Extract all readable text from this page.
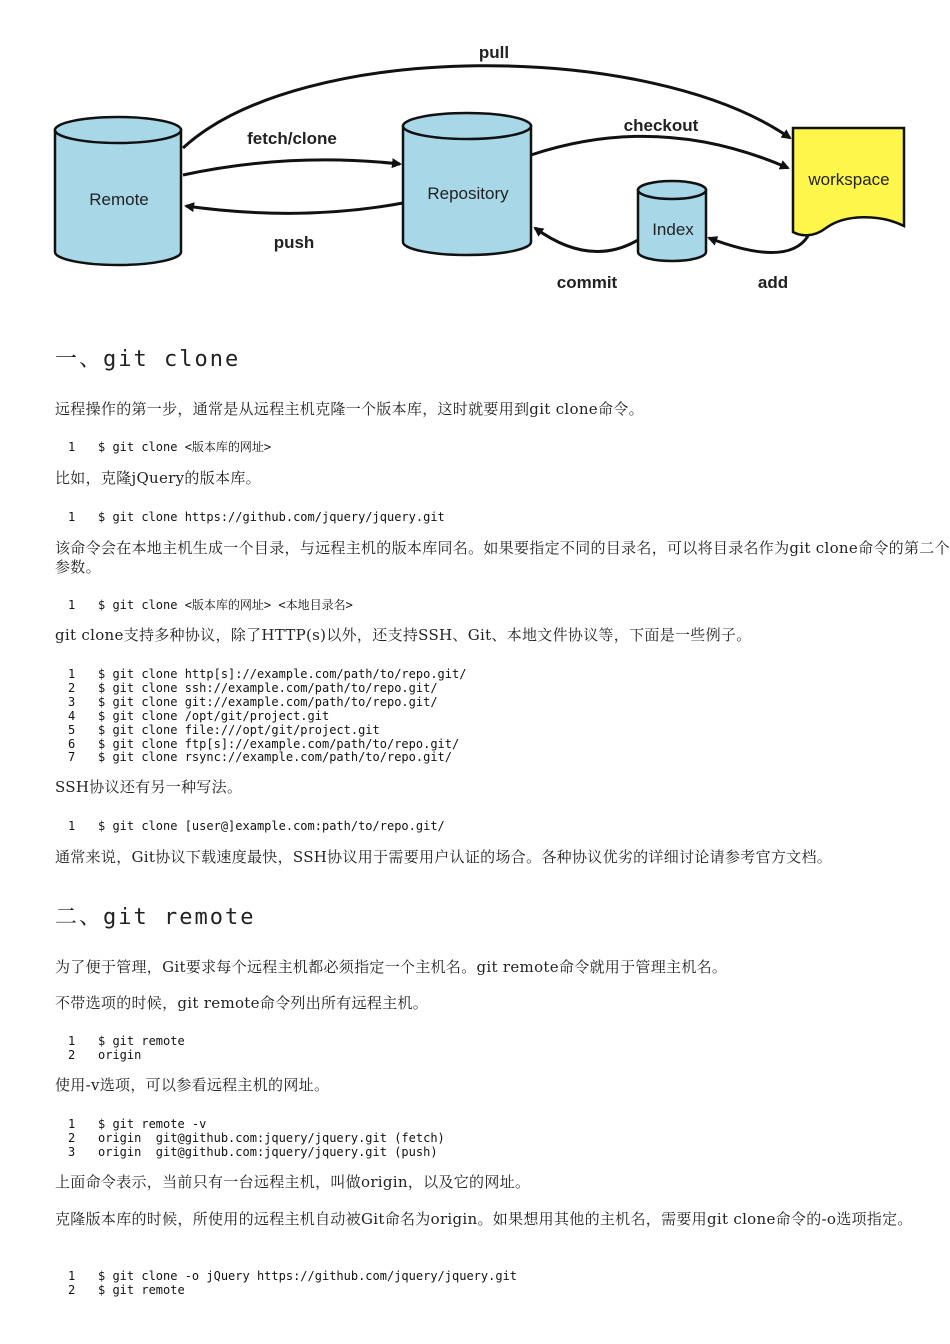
Remote	Repository
Index
workspace
pull
fetch/clone
push
checkout
commit	add
一、git clone

远程操作的第一步，通常是从远程主机克隆一个版本库，这时就要用到git clone命令。

1 $ git clone <版本库的网址>

比如，克隆jQuery的版本库。

1 $ git clone https://github.com/jquery/jquery.git

该命令会在本地主机生成一个目录，与远程主机的版本库同名。如果要指定不同的目录名，可以将目录名作为git clone命令的第二个参数。

1 $ git clone <版本库的网址> <本地目录名>

git clone支持多种协议，除了HTTP(s)以外，还支持SSH、Git、本地文件协议等，下面是一些例子。

1 $ git clone http[s]://example.com/path/to/repo.git/
2 $ git clone ssh://example.com/path/to/repo.git/
3 $ git clone git://example.com/path/to/repo.git/
4 $ git clone /opt/git/project.git
5 $ git clone file:///opt/git/project.git
6 $ git clone ftp[s]://example.com/path/to/repo.git/
7 $ git clone rsync://example.com/path/to/repo.git/

SSH协议还有另一种写法。

1 $ git clone [user@]example.com:path/to/repo.git/

通常来说，Git协议下载速度最快，SSH协议用于需要用户认证的场合。各种协议优劣的详细讨论请参考官方文档。

二、git remote

为了便于管理，Git要求每个远程主机都必须指定一个主机名。git remote命令就用于管理主机名。

不带选项的时候，git remote命令列出所有远程主机。

1 $ git remote
2 origin

使用-v选项，可以参看远程主机的网址。

1 $ git remote -v
2 origin  git@github.com:jquery/jquery.git (fetch)
3 origin  git@github.com:jquery/jquery.git (push)

上面命令表示，当前只有一台远程主机，叫做origin，以及它的网址。

克隆版本库的时候，所使用的远程主机自动被Git命名为origin。如果想用其他的主机名，需要用git clone命令的-o选项指定。

1 $ git clone -o jQuery https://github.com/jquery/jquery.git
2 $ git remote
